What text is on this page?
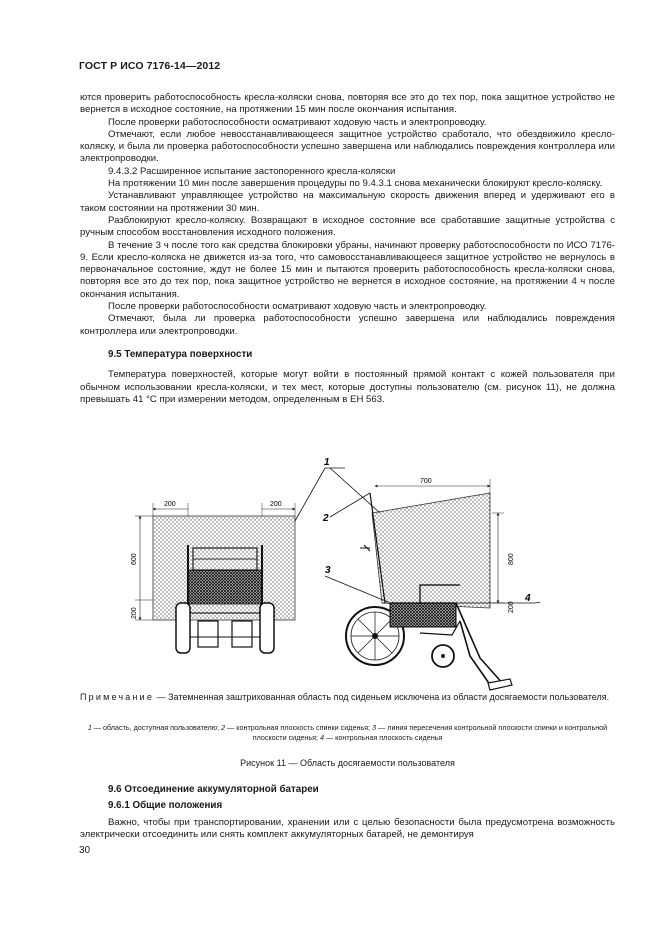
ГОСТ Р ИСО 7176-14—2012

ются проверить работоспособность кресла-коляски снова, повторяя все это до тех пор, пока защитное устройство не вернется в исходное состояние, на протяжении 15 мин после окончания испытания.

После проверки работоспособности осматривают ходовую часть и электропроводку.

Отмечают, если любое невосстанавливающееся защитное устройство сработало, что обездвижило кресло-коляску, и была ли проверка работоспособности успешно завершена или наблюдались повреждения контроллера или электропроводки.

9.4.3.2 Расширенное испытание застопоренного кресла-коляски

На протяжении 10 мин после завершения процедуры по 9.4.3.1 снова механически блокируют кресло-коляску.

Устанавливают управляющее устройство на максимальную скорость движения вперед и удерживают его в таком состоянии на протяжении 30 мин.

Разблокируют кресло-коляску. Возвращают в исходное состояние все сработавшие защитные устройства с ручным способом восстановления исходного положения.

В течение 3 ч после того как средства блокировки убраны, начинают проверку работоспособности по ИСО 7176-9. Если кресло-коляска не движется из-за того, что самовосстанавливающееся защитное устройство не вернулось в первоначальное состояние, ждут не более 15 мин и пытаются проверить работоспособность кресла-коляски снова, повторяя все это до тех пор, пока защитное устройство не вернется в исходное состояние, на протяжении 4 ч после окончания испытания.

После проверки работоспособности осматривают ходовую часть и электропроводку.

Отмечают, была ли проверка работоспособности успешно завершена или наблюдались повреждения контроллера или электропроводки.

9.5 Температура поверхности

Температура поверхностей, которые могут войти в постоянный прямой контакт с кожей пользователя при обычном использовании кресла-коляски, и тех мест, которые доступны пользователю (см. рисунок 11), не должна превышать 41 °С при измерении методом, определенным в ЕН 563.

200	200
600
200
700
800
200
1
2
3
4
Примечание — Затемненная заштрихованная область под сиденьем исключена из области досягаемости пользователя.
1 — область, доступная пользователю; 2 — контрольная плоскость спинки сиденья; 3 — линия пересечения контрольной плоскости спинки и контрольной плоскости сиденья; 4 — контрольная плоскость сиденья
Рисунок 11 — Область досягаемости пользователя
9.6 Отсоединение аккумуляторной батареи
9.6.1 Общие положения

Важно, чтобы при транспортировании, хранении или с целью безопасности была предусмотрена возможность электрически отсоединить или снять комплект аккумуляторных батарей, не демонтируя

30
